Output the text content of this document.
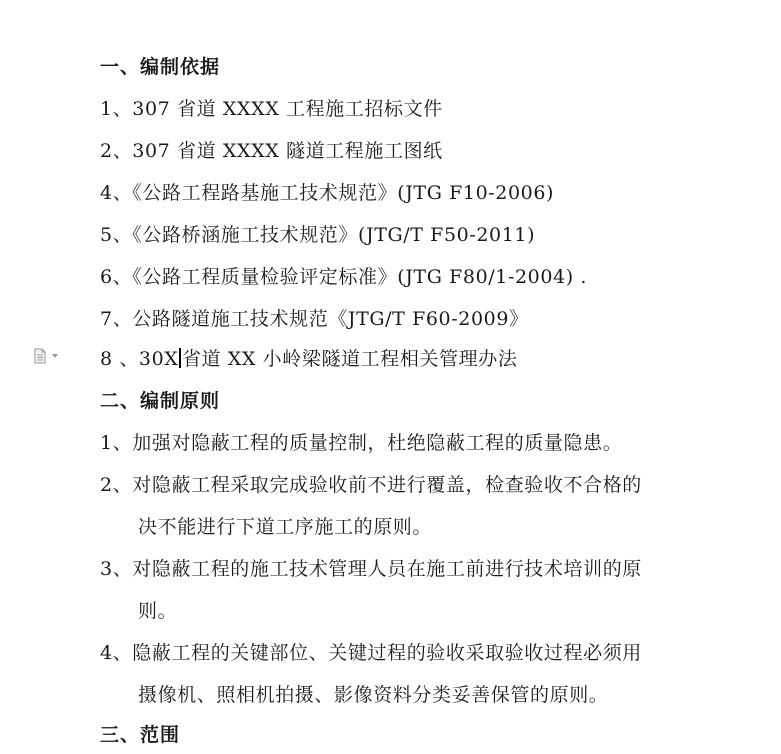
一、编制依据
1、307 省道 XXXX 工程施工招标文件
2、307 省道 XXXX 隧道工程施工图纸
4、《公路工程路基施工技术规范》(JTG F10-2006)
5、《公路桥涵施工技术规范》(JTG/T F50-2011)
6、《公路工程质量检验评定标准》(JTG F80/1-2004) .
7、公路隧道施工技术规范《JTG/T F60-2009》
8 、30X 省道 XX 小岭梁隧道工程相关管理办法
二、编制原则
1、加强对隐蔽工程的质量控制，杜绝隐蔽工程的质量隐患。
2、对隐蔽工程采取完成验收前不进行覆盖，检查验收不合格的
决不能进行下道工序施工的原则。
3、对隐蔽工程的施工技术管理人员在施工前进行技术培训的原
则。
4、隐蔽工程的关键部位、关键过程的验收采取验收过程必须用
摄像机、照相机拍摄、影像资料分类妥善保管的原则。
三、范围
